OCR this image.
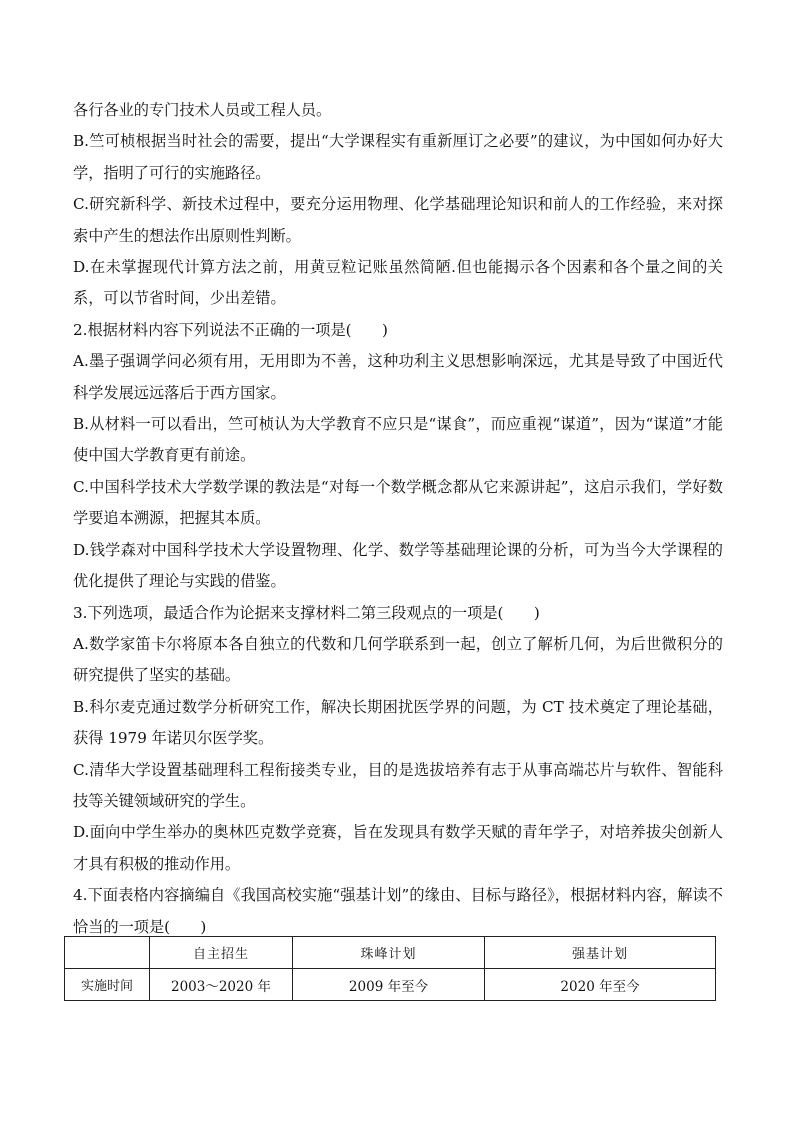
各行各业的专门技术人员或工程人员。

B.竺可桢根据当时社会的需要，提出“大学课程实有重新厘订之必要”的建议，为中国如何办好大学，指明了可行的实施路径。

C.研究新科学、新技术过程中，要充分运用物理、化学基础理论知识和前人的工作经验，来对探索中产生的想法作出原则性判断。

D.在未掌握现代计算方法之前，用黄豆粒记账虽然简陋.但也能揭示各个因素和各个量之间的关系，可以节省时间，少出差错。

2.根据材料内容下列说法不正确的一项是(　　)

A.墨子强调学问必须有用，无用即为不善，这种功利主义思想影响深远，尤其是导致了中国近代科学发展远远落后于西方国家。

B.从材料一可以看出，竺可桢认为大学教育不应只是“谋食”，而应重视“谋道”，因为“谋道”才能使中国大学教育更有前途。

C.中国科学技术大学数学课的教法是“对每一个数学概念都从它来源讲起”，这启示我们，学好数学要追本溯源，把握其本质。

D.钱学森对中国科学技术大学设置物理、化学、数学等基础理论课的分析，可为当今大学课程的优化提供了理论与实践的借鉴。

3.下列选项，最适合作为论据来支撑材料二第三段观点的一项是(　　)

A.数学家笛卡尔将原本各自独立的代数和几何学联系到一起，创立了解析几何，为后世微积分的研究提供了坚实的基础。

B.科尔麦克通过数学分析研究工作，解决长期困扰医学界的问题，为 CT 技术奠定了理论基础，获得 1979 年诺贝尔医学奖。

C.清华大学设置基础理科工程衔接类专业，目的是选拔培养有志于从事高端芯片与软件、智能科技等关键领域研究的学生。

D.面向中学生举办的奥林匹克数学竞赛，旨在发现具有数学天赋的青年学子，对培养拔尖创新人才具有积极的推动作用。

4.下面表格内容摘编自《我国高校实施“强基计划”的缘由、目标与路径》，根据材料内容，解读不恰当的一项是(　　)

	自主招生	珠峰计划	强基计划
实施时间	2003～2020 年	2009 年至今	2020 年至今
